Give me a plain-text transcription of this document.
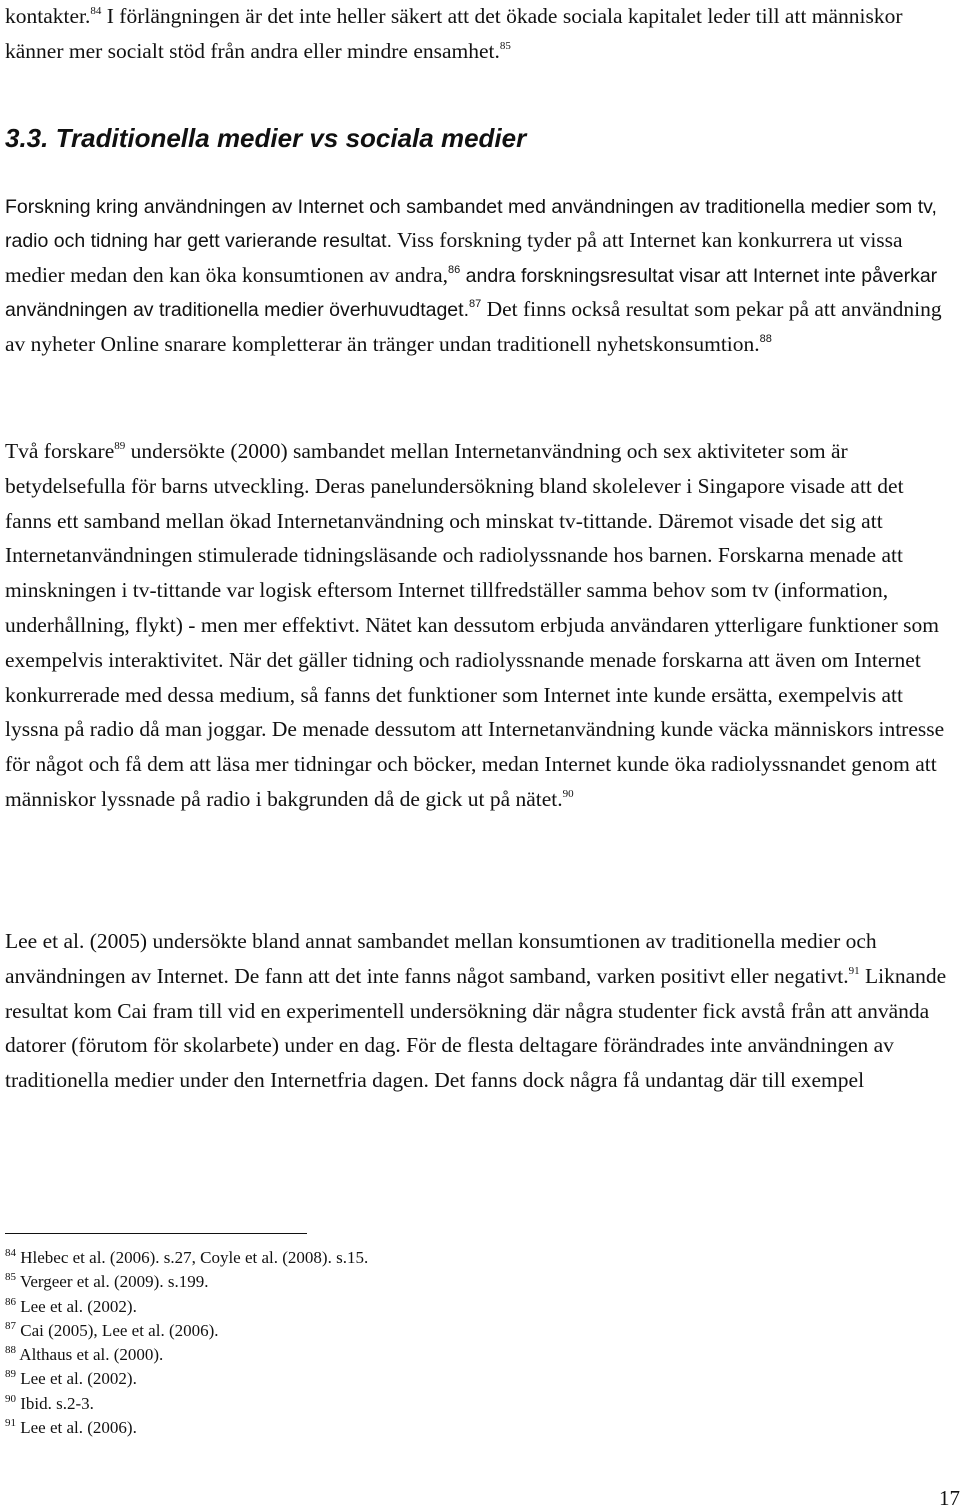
kontakter.$^{84}$ I förlängningen är det inte heller säkert att det ökade sociala kapitalet leder till att människor känner mer socialt stöd från andra eller mindre ensamhet.$^{85}$

3.3. Traditionella medier vs sociala medier

Forskning kring användningen av Internet och sambandet med användningen av traditionella medier som tv, radio och tidning har gett varierande resultat. Viss forskning tyder på att Internet kan konkurrera ut vissa medier medan den kan öka konsumtionen av andra,$^{86}$ andra forskningsresultat visar att Internet inte påverkar användningen av traditionella medier överhuvudtaget.$^{87}$ Det finns också resultat som pekar på att användning av nyheter Online snarare kompletterar än tränger undan traditionell nyhetskonsumtion.$^{88}$

Två forskare$^{89}$ undersökte (2000) sambandet mellan Internetanvändning och sex aktiviteter som är betydelsefulla för barns utveckling. Deras panelundersökning bland skolelever i Singapore visade att det fanns ett samband mellan ökad Internetanvändning och minskat tv-tittande. Däremot visade det sig att Internetanvändningen stimulerade tidningsläsande och radiolyssnande hos barnen. Forskarna menade att minskningen i tv-tittande var logisk eftersom Internet tillfredställer samma behov som tv (information, underhållning, flykt) - men mer effektivt. Nätet kan dessutom erbjuda användaren ytterligare funktioner som exempelvis interaktivitet. När det gäller tidning och radiolyssnande menade forskarna att även om Internet konkurrerade med dessa medium, så fanns det funktioner som Internet inte kunde ersätta, exempelvis att lyssna på radio då man joggar. De menade dessutom att Internetanvändning kunde väcka människors intresse för något och få dem att läsa mer tidningar och böcker, medan Internet kunde öka radiolyssnandet genom att människor lyssnade på radio i bakgrunden då de gick ut på nätet.$^{90}$

Lee et al. (2005) undersökte bland annat sambandet mellan konsumtionen av traditionella medier och användningen av Internet. De fann att det inte fanns något samband, varken positivt eller negativt.$^{91}$ Liknande resultat kom Cai fram till vid en experimentell undersökning där några studenter fick avstå från att använda datorer (förutom för skolarbete) under en dag. För de flesta deltagare förändrades inte användningen av traditionella medier under den Internetfria dagen. Det fanns dock några få undantag där till exempel

$^{84}$ Hlebec et al. (2006). s.27, Coyle et al. (2008). s.15.
$^{85}$ Vergeer et al. (2009). s.199.
$^{86}$ Lee et al. (2002).
$^{87}$ Cai (2005), Lee et al. (2006).
$^{88}$ Althaus et al. (2000).
$^{89}$ Lee et al. (2002).
$^{90}$ Ibid. s.2-3.
$^{91}$ Lee et al. (2006).
17
